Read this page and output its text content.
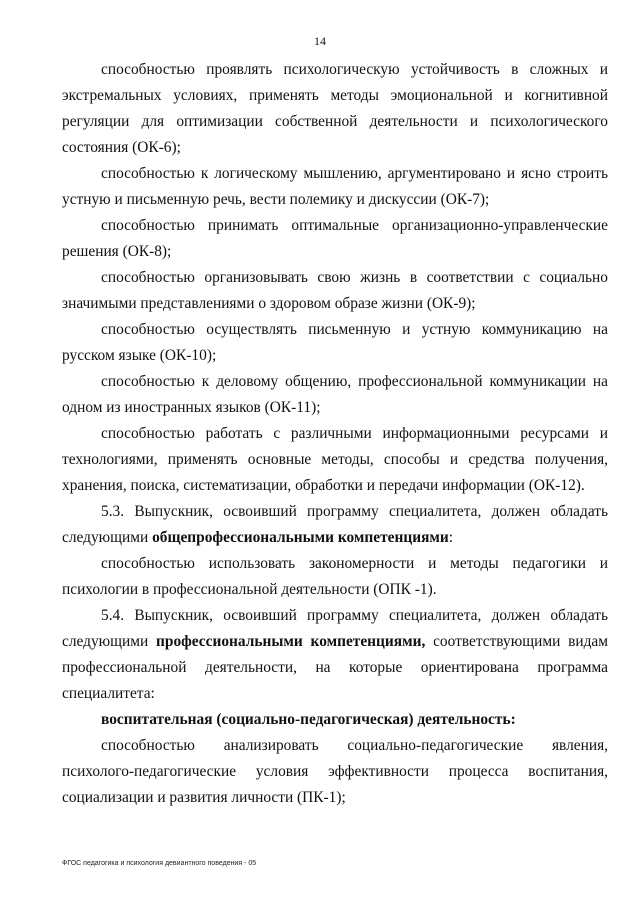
14

способностью проявлять психологическую устойчивость в сложных и экстремальных условиях, применять методы эмоциональной и когнитивной регуляции для оптимизации собственной деятельности и психологического состояния (ОК-6);

способностью к логическому мышлению, аргументировано и ясно строить устную и письменную речь, вести полемику и дискуссии (ОК-7);

способностью принимать оптимальные организационно-управленческие решения (ОК-8);

способностью организовывать свою жизнь в соответствии с социально значимыми представлениями о здоровом образе жизни (ОК-9);

способностью осуществлять письменную и устную коммуникацию на русском языке (ОК-10);

способностью к деловому общению, профессиональной коммуникации на одном из иностранных языков (ОК-11);

способностью работать с различными информационными ресурсами и технологиями, применять основные методы, способы и средства получения, хранения, поиска, систематизации, обработки и передачи информации (ОК-12).

5.3. Выпускник, освоивший программу специалитета, должен обладать следующими общепрофессиональными компетенциями:

способностью использовать закономерности и методы педагогики и психологии в профессиональной деятельности (ОПК -1).

5.4. Выпускник, освоивший программу специалитета, должен обладать следующими профессиональными компетенциями, соответствующими видам профессиональной деятельности, на которые ориентирована программа специалитета:

воспитательная (социально-педагогическая) деятельность:

способностью анализировать социально-педагогические явления, психолого-педагогические условия эффективности процесса воспитания, социализации и развития личности (ПК-1);

ФГОС педагогика и психология девиантного поведения - 05
